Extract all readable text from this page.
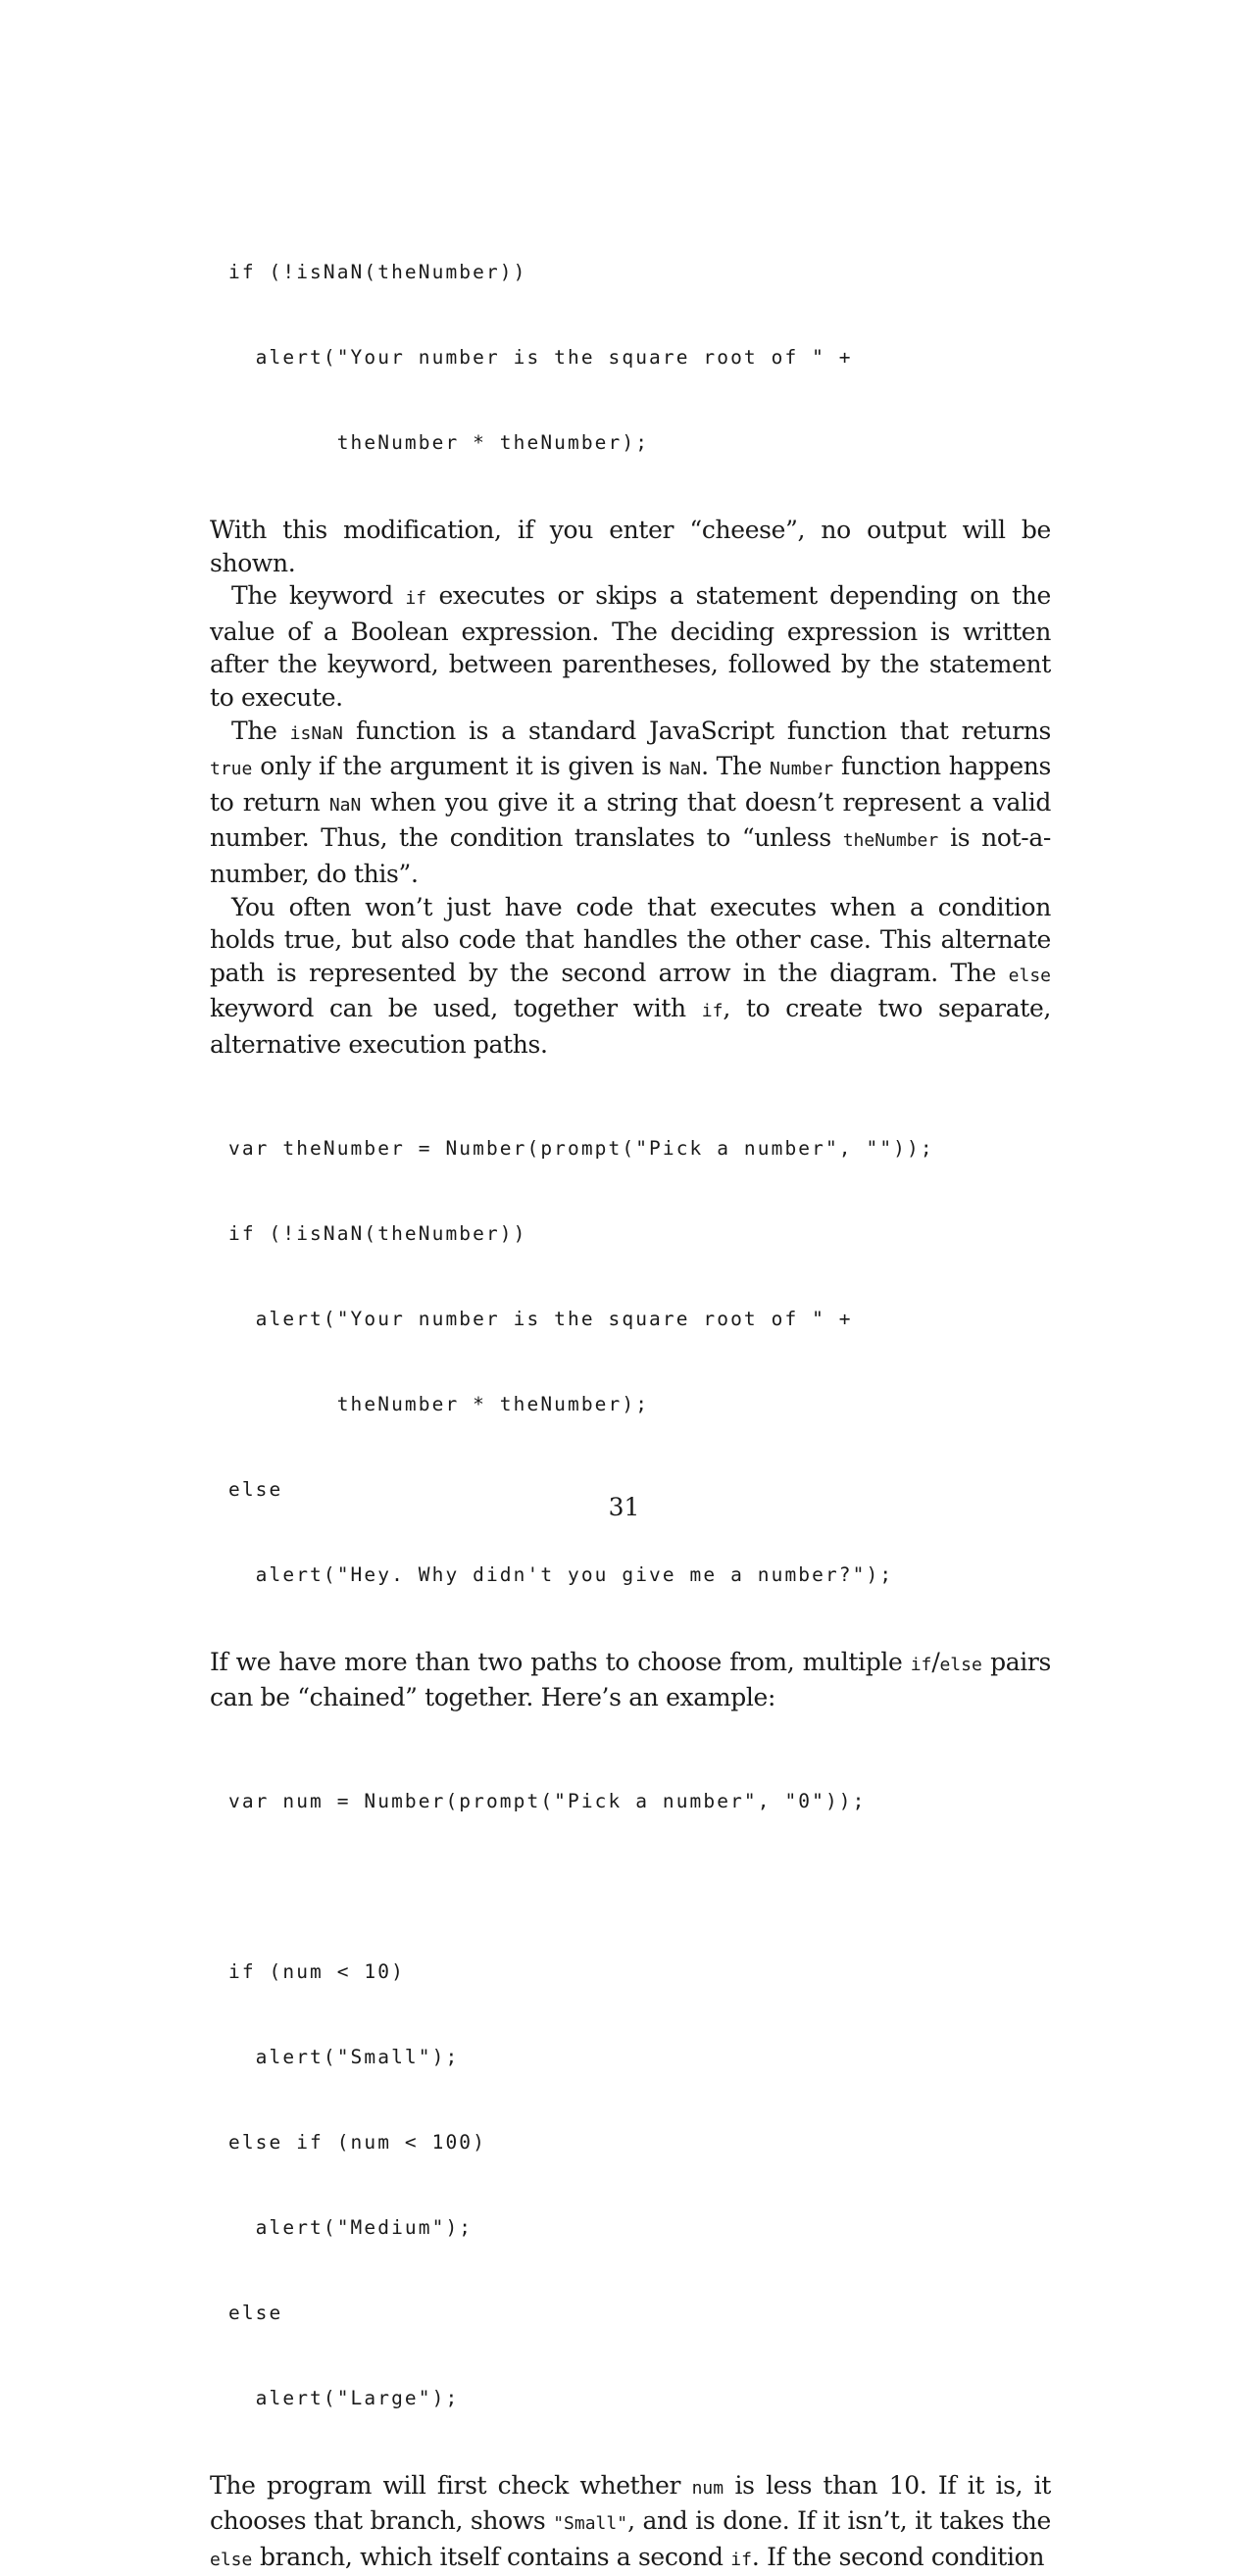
if (!isNaN(theNumber))

alert("Your number is the square root of " +

theNumber * theNumber);

With this modification, if you enter “cheese”, no output will be shown.

The keyword if executes or skips a statement depending on the value of a Boolean expression. The deciding expression is written after the keyword, between parentheses, followed by the statement to execute.

The isNaN function is a standard JavaScript function that returns true only if the argument it is given is NaN. The Number function happens to return NaN when you give it a string that doesn’t represent a valid number. Thus, the condition translates to “unless theNumber is not-a-number, do this”.

You often won’t just have code that executes when a condition holds true, but also code that handles the other case. This alternate path is represented by the second arrow in the diagram. The else keyword can be used, together with if, to create two separate, alternative execution paths.

var theNumber = Number(prompt("Pick a number", ""));

if (!isNaN(theNumber))

alert("Your number is the square root of " +

theNumber * theNumber);

else

alert("Hey. Why didn't you give me a number?");

If we have more than two paths to choose from, multiple if/else pairs can be “chained” together. Here’s an example:

var num = Number(prompt("Pick a number", "0"));

if (num < 10)

alert("Small");

else if (num < 100)

alert("Medium");

else

alert("Large");

The program will first check whether num is less than 10. If it is, it chooses that branch, shows "Small", and is done. If it isn’t, it takes the else branch, which itself contains a second if. If the second condition

31
